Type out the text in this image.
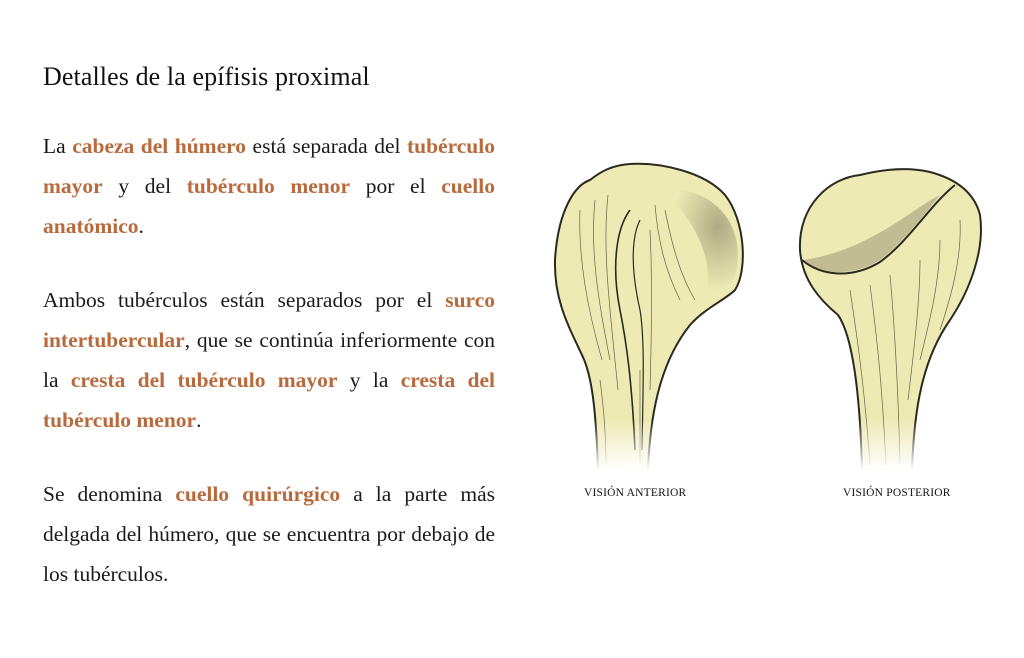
Detalles de la epífisis proximal

La cabeza del húmero está separada del tubérculo mayor y del tubérculo menor por el cuello anatómico.

Ambos tubérculos están separados por el surco intertubercular, que se continúa inferiormente con la cresta del tubérculo mayor y la cresta del tubérculo menor.

Se denomina cuello quirúrgico a la parte más delgada del húmero, que se encuentra por debajo de los tubérculos.

VISIÓN ANTERIOR	VISIÓN POSTERIOR
